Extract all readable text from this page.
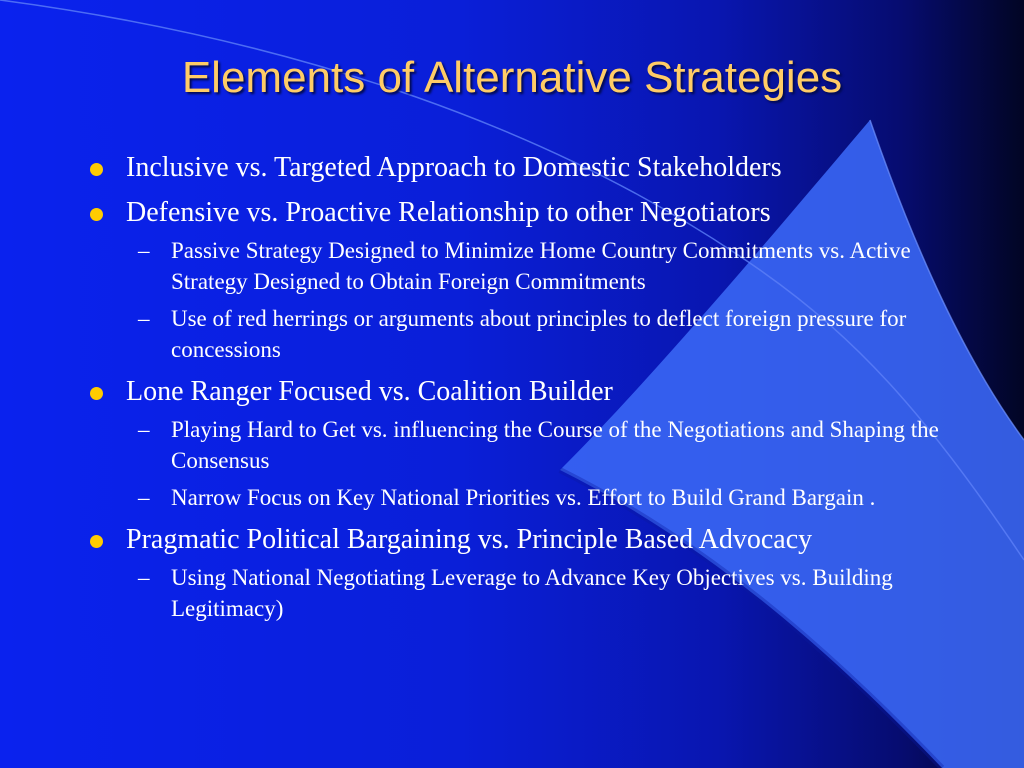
Elements of Alternative Strategies
Inclusive vs. Targeted Approach to Domestic Stakeholders
Defensive vs. Proactive Relationship to other Negotiators
– Passive Strategy Designed to Minimize Home Country Commitments vs. Active Strategy Designed to Obtain Foreign Commitments
– Use of red herrings or arguments about principles to deflect foreign pressure for concessions
Lone Ranger Focused vs. Coalition Builder
– Playing Hard to Get vs. influencing the Course of the Negotiations and Shaping the Consensus
– Narrow Focus on Key National Priorities vs. Effort to Build Grand Bargain .
Pragmatic Political Bargaining vs. Principle Based Advocacy
– Using National Negotiating Leverage to Advance Key Objectives vs. Building Legitimacy)
